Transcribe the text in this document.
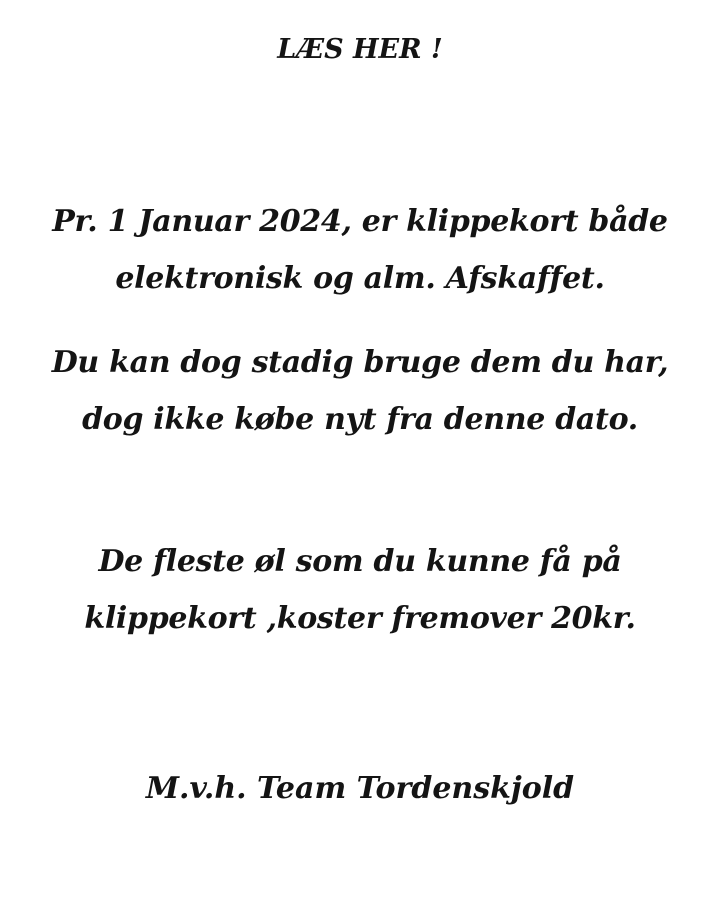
LÆS HER !

Pr. 1 Januar 2024, er klippekort både elektronisk og alm. Afskaffet.

Du kan dog stadig bruge dem du har, dog ikke købe nyt fra denne dato.

De fleste øl som du kunne få på klippekort ,koster fremover 20kr.

M.v.h. Team Tordenskjold
